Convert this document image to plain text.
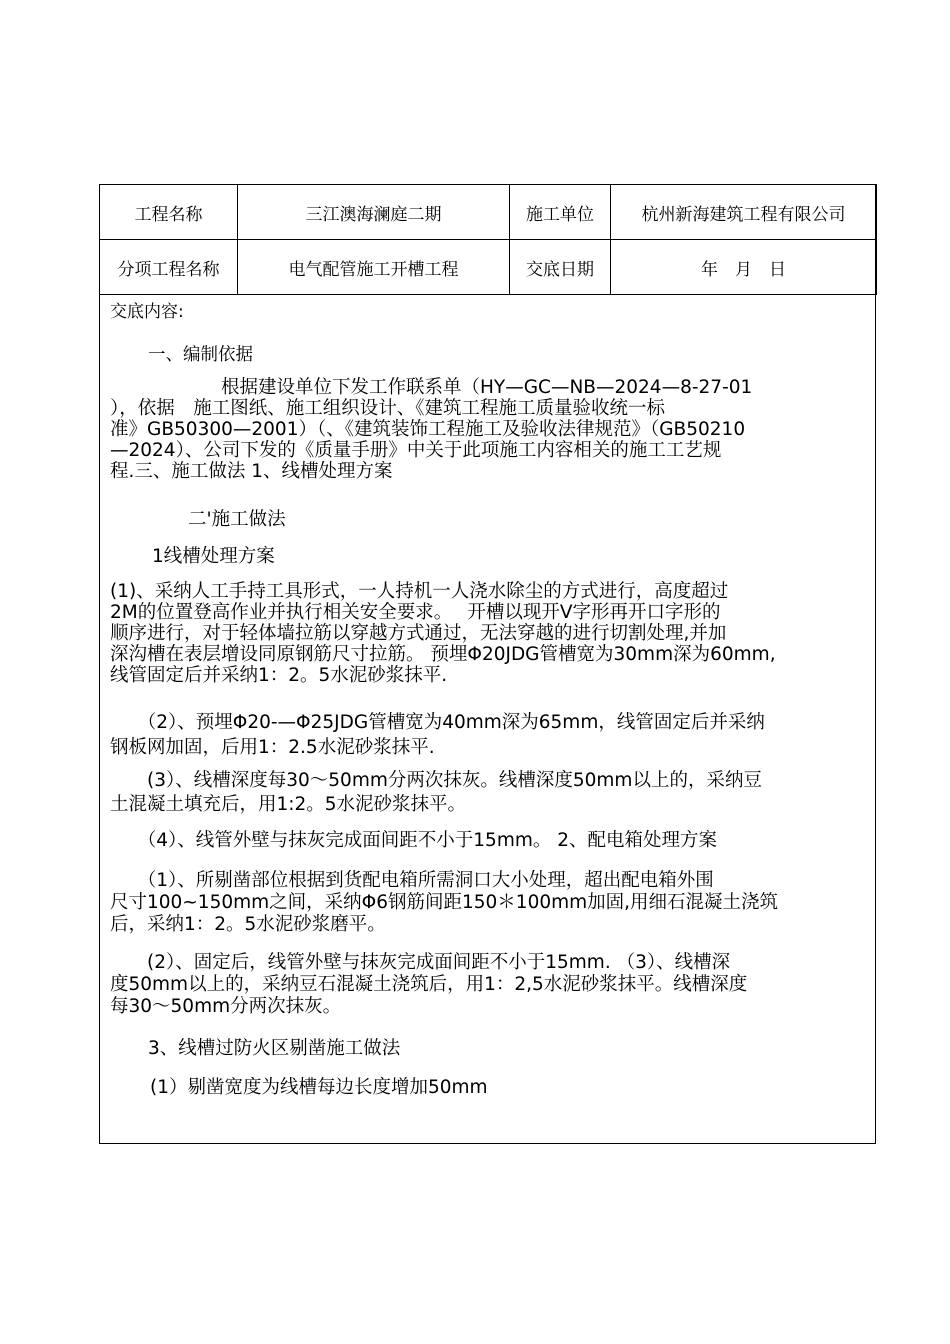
工程名称	三江澳海澜庭二期	施工单位	杭州新海建筑工程有限公司
分项工程名称	电气配管施工开槽工程	交底日期	年　月　日
交底内容:
一、编制依据
　　　　　　根据建设单位下发工作联系单（HY—GC—NB—2024—8-27-01
），依据　施工图纸、施工组织设计、《建筑工程施工质量验收统一标
准》GB50300—2001）（、《建筑装饰工程施工及验收法律规范》（GB50210
—2024）、公司下发的《质量手册》中关于此项施工内容相关的施工工艺规
程.三、施工做法 1、线槽处理方案
二'施工做法
1线槽处理方案
(1)、采纳人工手持工具形式，一人持机一人浇水除尘的方式进行，高度超过
2M的位置登高作业并执行相关安全要求。　 开槽以现开V字形再开口字形的
顺序进行，对于轻体墙拉筋以穿越方式通过，无法穿越的进行切割处理,并加
深沟槽在表层增设同原钢筋尺寸拉筋。 预埋Φ20JDG管槽宽为30mm深为60mm,
线管固定后并采纳1：2。5水泥砂浆抹平.
　　（2）、预埋Φ20-—Φ25JDG管槽宽为40mm深为65mm，线管固定后并采纳
钢板网加固，后用1：2.5水泥砂浆抹平.
　　(3）、线槽深度每30～50mm分两次抹灰。线槽深度50mm以上的，采纳豆
土混凝土填充后，用1:2。5水泥砂浆抹平。
　　（4）、线管外壁与抹灰完成面间距不小于15mm。 2、配电箱处理方案
　　（1）、所剔凿部位根据到货配电箱所需洞口大小处理，超出配电箱外围
尺寸100~150mm之间，采纳Φ6钢筋间距150＊100mm加固,用细石混凝土浇筑
后，采纳1：2。5水泥砂浆磨平。
　　(2）、固定后，线管外壁与抹灰完成面间距不小于15mm. （3）、线槽深
度50mm以上的，采纳豆石混凝土浇筑后，用1：2,5水泥砂浆抹平。线槽深度
每30～50mm分两次抹灰。
3、线槽过防火区剔凿施工做法
(1）剔凿宽度为线槽每边长度增加50mm
